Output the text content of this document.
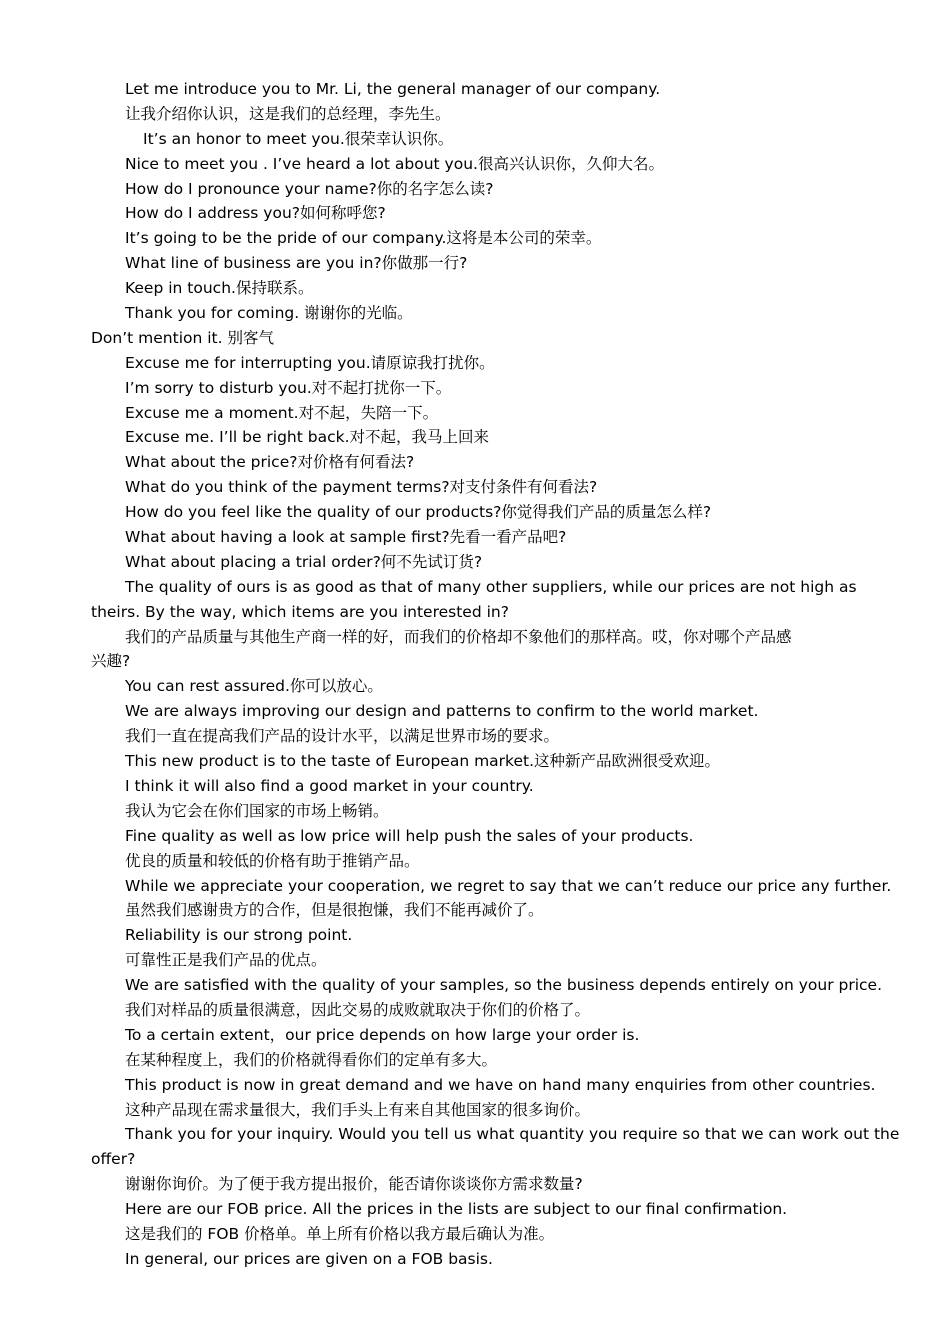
Let me introduce you to Mr. Li, the general manager of our company.
让我介绍你认识，这是我们的总经理，李先生。
It’s an honor to meet you.很荣幸认识你。
Nice to meet you . I’ve heard a lot about you.很高兴认识你，久仰大名。
How do I pronounce your name?你的名字怎么读?
How do I address you?如何称呼您?
It’s going to be the pride of our company.这将是本公司的荣幸。
What line of business are you in?你做那一行?
Keep in touch.保持联系。
Thank you for coming. 谢谢你的光临。
Don’t mention it. 别客气
Excuse me for interrupting you.请原谅我打扰你。
I’m sorry to disturb you.对不起打扰你一下。
Excuse me a moment.对不起，失陪一下。
Excuse me. I’ll be right back.对不起，我马上回来
What about the price?对价格有何看法?
What do you think of the payment terms?对支付条件有何看法?
How do you feel like the quality of our products?你觉得我们产品的质量怎么样?
What about having a look at sample first?先看一看产品吧?
What about placing a trial order?何不先试订货?
The quality of ours is as good as that of many other suppliers, while our prices are not high as
theirs. By the way, which items are you interested in?
我们的产品质量与其他生产商一样的好，而我们的价格却不象他们的那样高。哎，你对哪个产品感
兴趣?
You can rest assured.你可以放心。
We are always improving our design and patterns to confirm to the world market.
我们一直在提高我们产品的设计水平，以满足世界市场的要求。
This new product is to the taste of European market.这种新产品欧洲很受欢迎。
I think it will also find a good market in your country.
我认为它会在你们国家的市场上畅销。
Fine quality as well as low price will help push the sales of your products.
优良的质量和较低的价格有助于推销产品。
While we appreciate your cooperation, we regret to say that we can’t reduce our price any further.
虽然我们感谢贵方的合作，但是很抱慊，我们不能再减价了。
Reliability is our strong point.
可靠性正是我们产品的优点。
We are satisfied with the quality of your samples, so the business depends entirely on your price.
我们对样品的质量很满意，因此交易的成败就取决于你们的价格了。
To a certain extent，our price depends on how large your order is.
在某种程度上，我们的价格就得看你们的定单有多大。
This product is now in great demand and we have on hand many enquiries from other countries.
这种产品现在需求量很大，我们手头上有来自其他国家的很多询价。
Thank you for your inquiry. Would you tell us what quantity you require so that we can work out the
offer?
谢谢你询价。为了便于我方提出报价，能否请你谈谈你方需求数量?
Here are our FOB price. All the prices in the lists are subject to our final confirmation.
这是我们的 FOB 价格单。单上所有价格以我方最后确认为准。
In general, our prices are given on a FOB basis.
